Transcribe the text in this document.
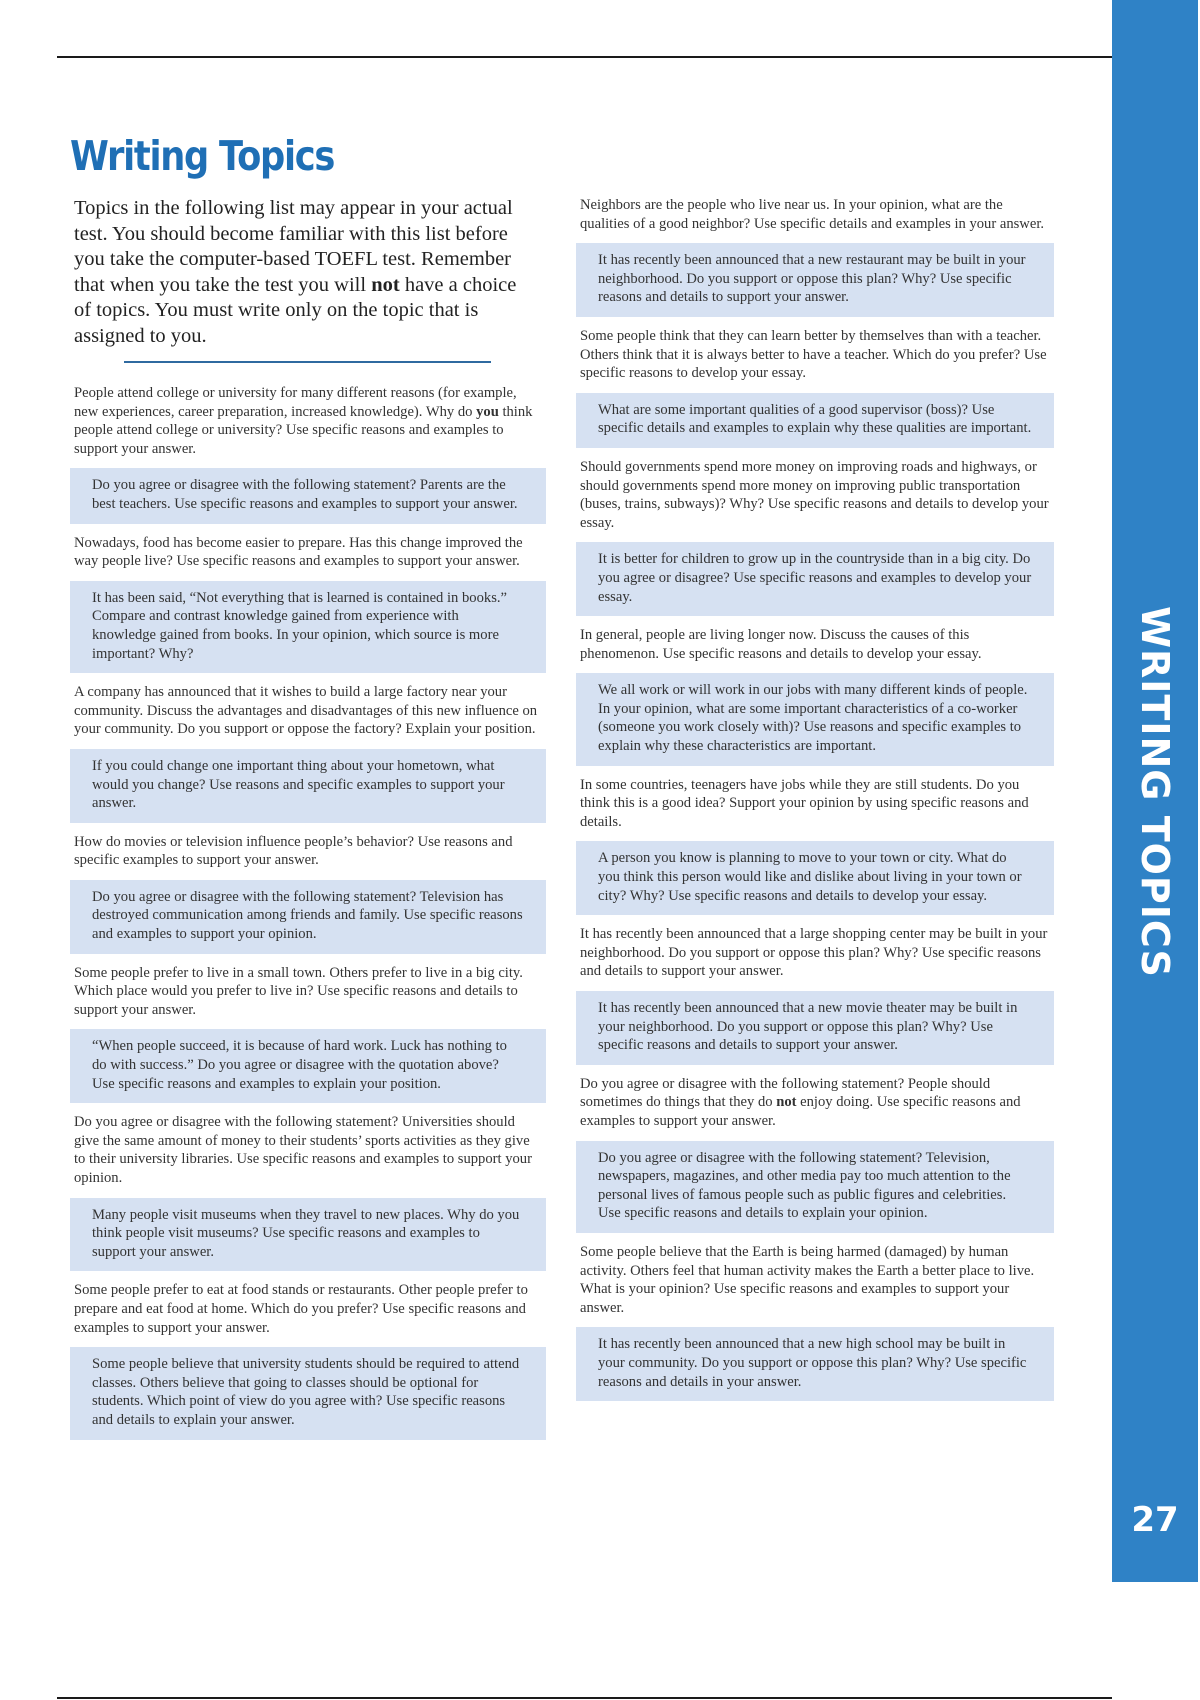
Writing Topics

Topics in the following list may appear in your actual test. You should become familiar with this list before you take the computer-based TOEFL test. Remember that when you take the test you will not have a choice of topics. You must write only on the topic that is assigned to you.

People attend college or university for many different reasons (for example, new experiences, career preparation, increased knowledge). Why do you think people attend college or university? Use specific reasons and examples to support your answer.
Do you agree or disagree with the following statement? Parents are the best teachers. Use specific reasons and examples to support your answer.
Nowadays, food has become easier to prepare. Has this change improved the way people live? Use specific reasons and examples to support your answer.
It has been said, “Not everything that is learned is contained in books.” Compare and contrast knowledge gained from experience with knowledge gained from books. In your opinion, which source is more important? Why?
A company has announced that it wishes to build a large factory near your community. Discuss the advantages and disadvantages of this new influence on your community. Do you support or oppose the factory? Explain your position.
If you could change one important thing about your hometown, what would you change? Use reasons and specific examples to support your answer.
How do movies or television influence people’s behavior? Use reasons and specific examples to support your answer.
Do you agree or disagree with the following statement? Television has destroyed communication among friends and family. Use specific reasons and examples to support your opinion.
Some people prefer to live in a small town. Others prefer to live in a big city. Which place would you prefer to live in? Use specific reasons and details to support your answer.
“When people succeed, it is because of hard work. Luck has nothing to do with success.” Do you agree or disagree with the quotation above? Use specific reasons and examples to explain your position.
Do you agree or disagree with the following statement? Universities should give the same amount of money to their students’ sports activities as they give to their university libraries. Use specific reasons and examples to support your opinion.
Many people visit museums when they travel to new places. Why do you think people visit museums? Use specific reasons and examples to support your answer.
Some people prefer to eat at food stands or restaurants. Other people prefer to prepare and eat food at home. Which do you prefer? Use specific reasons and examples to support your answer.
Some people believe that university students should be required to attend classes. Others believe that going to classes should be optional for students. Which point of view do you agree with? Use specific reasons and details to explain your answer.
Neighbors are the people who live near us. In your opinion, what are the qualities of a good neighbor? Use specific details and examples in your answer.
It has recently been announced that a new restaurant may be built in your neighborhood. Do you support or oppose this plan? Why? Use specific reasons and details to support your answer.
Some people think that they can learn better by themselves than with a teacher. Others think that it is always better to have a teacher. Which do you prefer? Use specific reasons to develop your essay.
What are some important qualities of a good supervisor (boss)? Use specific details and examples to explain why these qualities are important.
Should governments spend more money on improving roads and highways, or should governments spend more money on improving public transportation (buses, trains, subways)? Why? Use specific reasons and details to develop your essay.
It is better for children to grow up in the countryside than in a big city. Do you agree or disagree? Use specific reasons and examples to develop your essay.
In general, people are living longer now. Discuss the causes of this phenomenon. Use specific reasons and details to develop your essay.
We all work or will work in our jobs with many different kinds of people. In your opinion, what are some important characteristics of a co-worker (someone you work closely with)? Use reasons and specific examples to explain why these characteristics are important.
In some countries, teenagers have jobs while they are still students. Do you think this is a good idea? Support your opinion by using specific reasons and details.
A person you know is planning to move to your town or city. What do you think this person would like and dislike about living in your town or city? Why? Use specific reasons and details to develop your essay.
It has recently been announced that a large shopping center may be built in your neighborhood. Do you support or oppose this plan? Why? Use specific reasons and details to support your answer.
It has recently been announced that a new movie theater may be built in your neighborhood. Do you support or oppose this plan? Why? Use specific reasons and details to support your answer.
Do you agree or disagree with the following statement? People should sometimes do things that they do not enjoy doing. Use specific reasons and examples to support your answer.
Do you agree or disagree with the following statement? Television, newspapers, magazines, and other media pay too much attention to the personal lives of famous people such as public figures and celebrities. Use specific reasons and details to explain your opinion.
Some people believe that the Earth is being harmed (damaged) by human activity. Others feel that human activity makes the Earth a better place to live. What is your opinion? Use specific reasons and examples to support your answer.
It has recently been announced that a new high school may be built in your community. Do you support or oppose this plan? Why? Use specific reasons and details in your answer.
WRITING TOPICS
27
